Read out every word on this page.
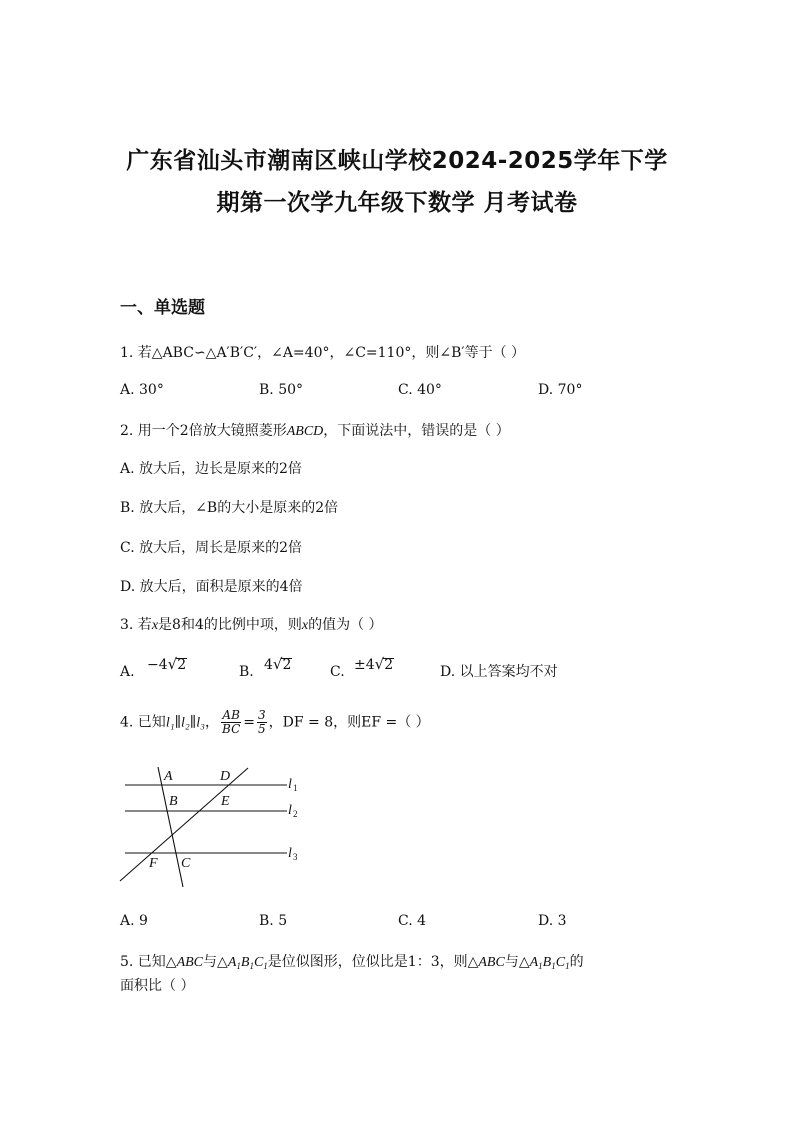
广东省汕头市潮南区峡山学校2024-2025学年下学
期第一次学九年级下数学 月考试卷
一、单选题
1. 若△ABC∽△A′B′C′，∠A=40°，∠C=110°，则∠B′等于（ ）
A. 30°	B. 50°	C. 40°	D. 70°
2. 用一个2倍放大镜照菱形ABCD，下面说法中，错误的是（ ）
A. 放大后，边长是原来的2倍
B. 放大后，∠B的大小是原来的2倍
C. 放大后，周长是原来的2倍
D. 放大后，面积是原来的4倍
3. 若x是8和4的比例中项，则x的值为（ ）
A. −4√2	B. 4√2	C. ±4√2	D. 以上答案均不对
4. 已知l₁∥l₂∥l₃， $\frac{AB}{BC} = \frac{3}{5}$ ，DF = 8，则EF =（ ）
A	D
B	E
F C
l
l
l
1
2
3
A. 9	B. 5	C. 4	D. 3
5. 已知△ABC与$\triangle A_1B_1C_1$是位似图形，位似比是1：3，则△ABC与$\triangle A_1B_1C_1$的
面积比（ ）
